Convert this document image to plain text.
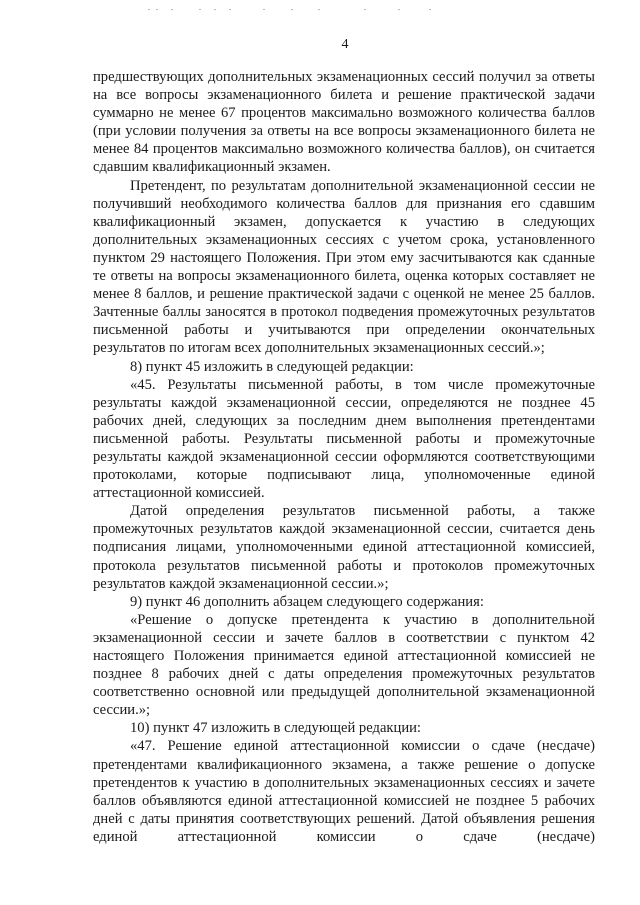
4

предшествующих дополнительных экзаменационных сессий получил за ответы на все вопросы экзаменационного билета и решение практической задачи суммарно не менее 67 процентов максимально возможного количества баллов (при условии получения за ответы на все вопросы экзаменационного билета не менее 84 процентов максимально возможного количества баллов), он считается сдавшим квалификационный экзамен.

Претендент, по результатам дополнительной экзаменационной сессии не получивший необходимого количества баллов для признания его сдавшим квалификационный экзамен, допускается к участию в следующих дополнительных экзаменационных сессиях с учетом срока, установленного пунктом 29 настоящего Положения. При этом ему засчитываются как сданные те ответы на вопросы экзаменационного билета, оценка которых составляет не менее 8 баллов, и решение практической задачи с оценкой не менее 25 баллов. Зачтенные баллы заносятся в протокол подведения промежуточных результатов письменной работы и учитываются при определении окончательных результатов по итогам всех дополнительных экзаменационных сессий.»;

8) пункт 45 изложить в следующей редакции:

«45. Результаты письменной работы, в том числе промежуточные результаты каждой экзаменационной сессии, определяются не позднее 45 рабочих дней, следующих за последним днем выполнения претендентами письменной работы. Результаты письменной работы и промежуточные результаты каждой экзаменационной сессии оформляются соответствующими протоколами, которые подписывают лица, уполномоченные единой аттестационной комиссией.

Датой определения результатов письменной работы, а также промежуточных результатов каждой экзаменационной сессии, считается день подписания лицами, уполномоченными единой аттестационной комиссией, протокола результатов письменной работы и протоколов промежуточных результатов каждой экзаменационной сессии.»;

9) пункт 46 дополнить абзацем следующего содержания:

«Решение о допуске претендента к участию в дополнительной экзаменационной сессии и зачете баллов в соответствии с пунктом 42 настоящего Положения принимается единой аттестационной комиссией не позднее 8 рабочих дней с даты определения промежуточных результатов соответственно основной или предыдущей дополнительной экзаменационной сессии.»;

10) пункт 47 изложить в следующей редакции:

«47. Решение единой аттестационной комиссии о сдаче (несдаче) претендентами квалификационного экзамена, а также решение о допуске претендентов к участию в дополнительных экзаменационных сессиях и зачете баллов объявляются единой аттестационной комиссией не позднее 5 рабочих дней с даты принятия соответствующих решений. Датой объявления решения единой аттестационной комиссии о сдаче (несдаче)
